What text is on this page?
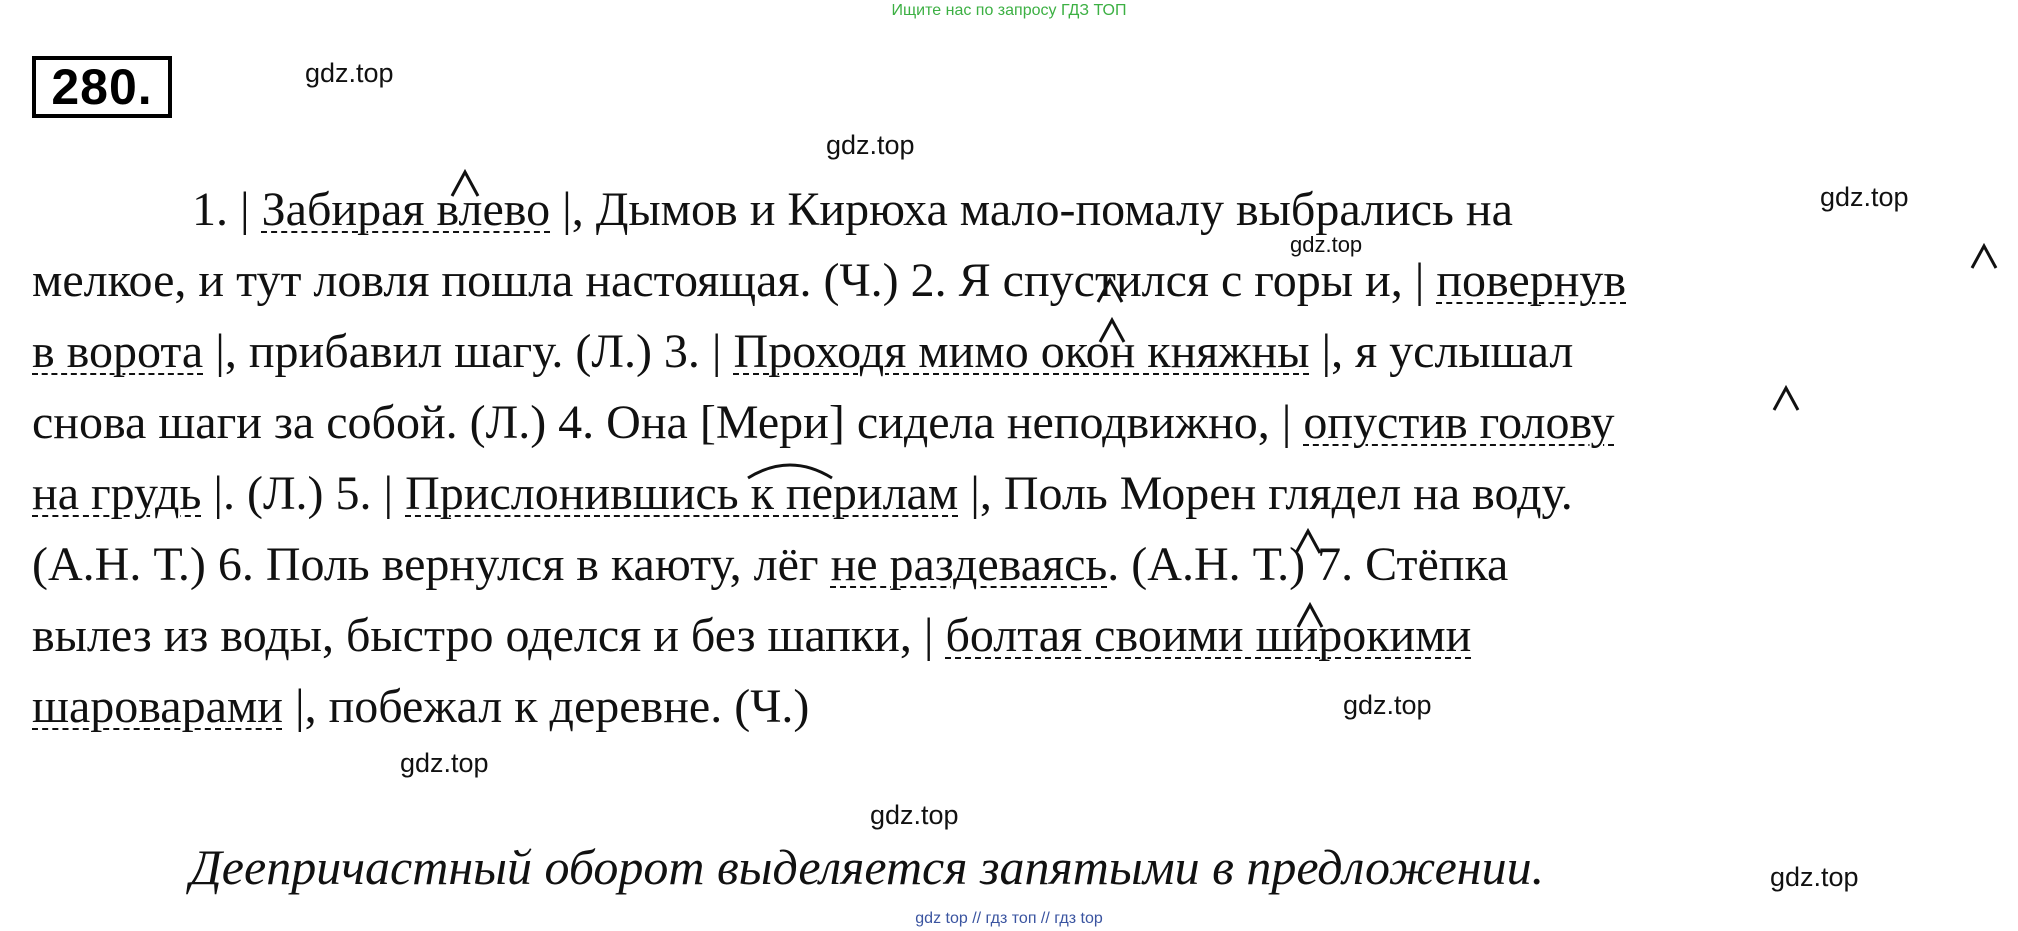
Ищите нас по запросу ГДЗ ТОП
280.	gdz.top
gdz.top
gdz.top
gdz.top
gdz.top
gdz.top
gdz.top
gdz.top
1. | Забирая влево |, Дымов и Кирюха мало-помалу выбрались на
мелкое, и тут ловля пошла настоящая. (Ч.) 2. Я спустился с горы и, | повернув
в ворота |, прибавил шагу. (Л.) 3. | Проходя мимо окон княжны |, я услышал
снова шаги за собой. (Л.) 4. Она [Мери] сидела неподвижно, | опустив голову
на грудь |. (Л.) 5. | Прислонившись к перилам |, Поль Морен глядел на воду.
(А.Н. Т.) 6. Поль вернулся в каюту, лёг не раздеваясь. (А.Н. Т.) 7. Стёпка
вылез из воды, быстро оделся и без шапки, | болтая своими широкими
шароварами |, побежал к деревне. (Ч.)
Деепричастный оборот выделяется запятыми в предложении.
gdz top // гдз топ // гдз top
